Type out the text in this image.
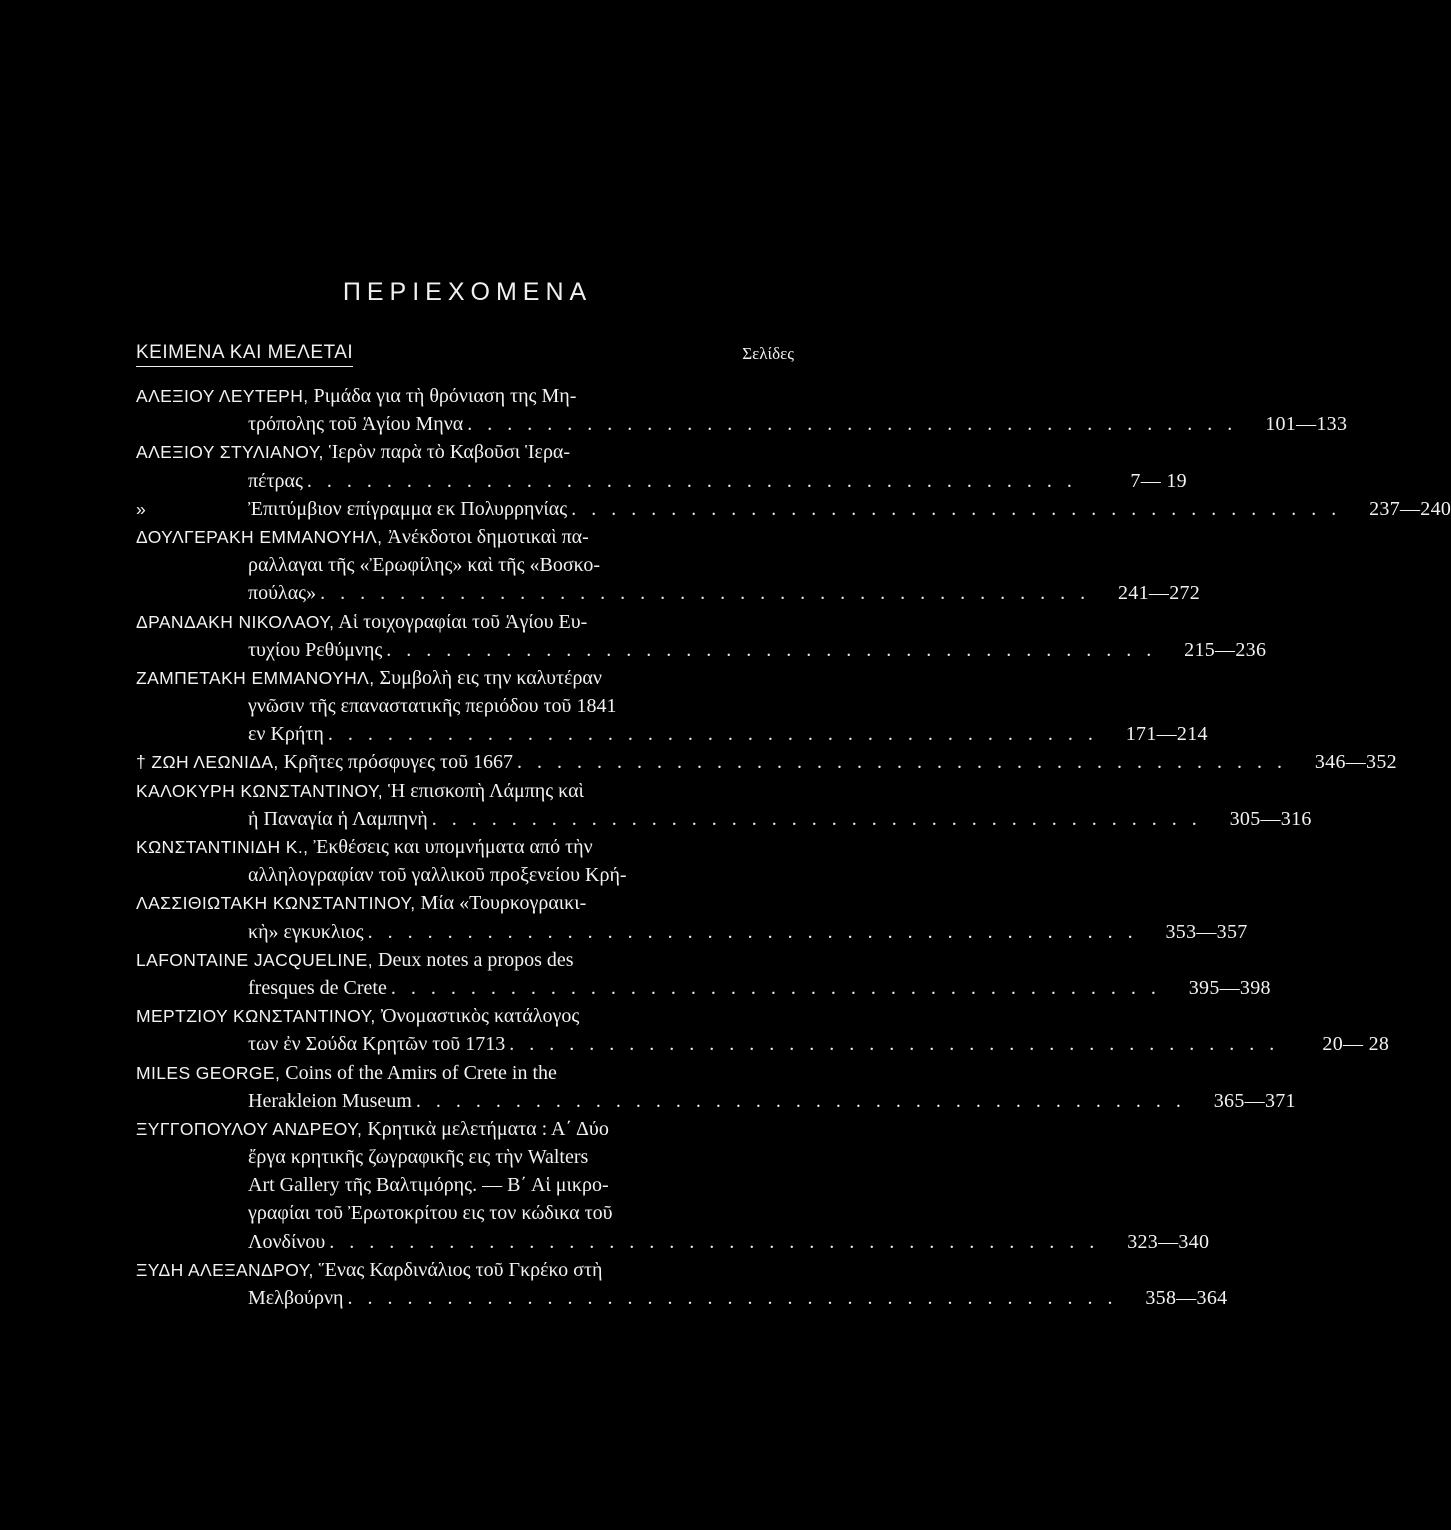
ΠΕΡΙΕΧΟΜΕΝΑ
ΚΕΙΜΕΝΑ ΚΑΙ ΜΕΛΕΤΑΙ	Σελίδες
ΑΛΕΞΙΟΥ ΛΕΥΤΕΡΗ, Ριμάδα για τὴ θρόνιαση της Μη-
τρόπολης τοῦ Ἁγίου Μηνα . . . . . . . . . . . . . . . . . . . . . . . . . . . . . . . . . . . . . . .	101—133
ΑΛΕΞΙΟΥ ΣΤΥΛΙΑΝΟΥ, Ἱερὸν παρὰ τὸ Καβοῦσι Ἱερα-
πέτρας . . . . . . . . . . . . . . . . . . . . . . . . . . . . . . . . . . . . . . .	7— 19
»	Ἐπιτύμβιον επίγραμμα εκ Πολυρρηνίας . . . . . . . . . . . . . . . . . . . . . . . . . . . . . . . . . . . . . . .	237—240
ΔΟΥΛΓΕΡΑΚΗ ΕΜΜΑΝΟΥΗΛ, Ἀνέκδοτοι δημοτικαὶ πα-
ραλλαγαι τῆς «Ἐρωφίλης» καὶ τῆς «Βοσκο-
πούλας» . . . . . . . . . . . . . . . . . . . . . . . . . . . . . . . . . . . . . . .	241—272
ΔΡΑΝΔΑΚΗ ΝΙΚΟΛΑΟΥ, Αἱ τοιχογραφίαι τοῦ Ἁγίου Ευ-
τυχίου Ρεθύμνης . . . . . . . . . . . . . . . . . . . . . . . . . . . . . . . . . . . . . . .	215—236
ΖΑΜΠΕΤΑΚΗ ΕΜΜΑΝΟΥΗΛ, Συμβολὴ εις την καλυτέραν
γνῶσιν τῆς επαναστατικῆς περιόδου τοῦ 1841
εν Κρήτη . . . . . . . . . . . . . . . . . . . . . . . . . . . . . . . . . . . . . . .	171—214
† ΖΩΗ ΛΕΩΝΙΔΑ, Κρῆτες πρόσφυγες τοῦ 1667 . . . . . . . . . . . . . . . . . . . . . . . . . . . . . . . . . . . . . . .	346—352
ΚΑΛΟΚΥΡΗ ΚΩΝΣΤΑΝΤΙΝΟΥ, Ἡ επισκοπὴ Λάμπης καὶ
ἡ Παναγία ἡ Λαμπηνὴ . . . . . . . . . . . . . . . . . . . . . . . . . . . . . . . . . . . . . . .	305—316
ΚΩΝΣΤΑΝΤΙΝΙΔΗ Κ., Ἐκθέσεις και υπομνήματα από τὴν
αλληλογραφίαν τοῦ γαλλικοῦ προξενείου Κρή-
ΛΑΣΣΙΘΙΩΤΑΚΗ ΚΩΝΣΤΑΝΤΙΝΟΥ, Μία «Τουρκογραικι-
κὴ» εγκυκλιος . . . . . . . . . . . . . . . . . . . . . . . . . . . . . . . . . . . . . . .	353—357
LAFONTAINE JACQUELINE, Deux notes a propos des
fresques de Crete . . . . . . . . . . . . . . . . . . . . . . . . . . . . . . . . . . . . . . .	395—398
ΜΕΡΤΖΙΟΥ ΚΩΝΣΤΑΝΤΙΝΟΥ, Ὀνομαστικὸς κατάλογος
των ἐν Σούδα Κρητῶν τοῦ 1713 . . . . . . . . . . . . . . . . . . . . . . . . . . . . . . . . . . . . . . .	20— 28
MILES GEORGE, Coins of the Amirs of Crete in the
Herakleion Museum . . . . . . . . . . . . . . . . . . . . . . . . . . . . . . . . . . . . . . .	365—371
ΞΥΓΓΟΠΟΥΛΟΥ ΑΝΔΡΕΟΥ, Κρητικὰ μελετήματα : Α΄ Δύο
ἔργα κρητικῆς ζωγραφικῆς εις τὴν Walters
Art Gallery τῆς Βαλτιμόρης. — Β΄ Αἱ μικρο-
γραφίαι τοῦ Ἐρωτοκρίτου εις τον κώδικα τοῦ
Λονδίνου . . . . . . . . . . . . . . . . . . . . . . . . . . . . . . . . . . . . . . .	323—340
ΞΥΔΗ ΑΛΕΞΑΝΔΡΟΥ, Ἕνας Καρδινάλιος τοῦ Γκρέκο στὴ
Μελβούρνη . . . . . . . . . . . . . . . . . . . . . . . . . . . . . . . . . . . . . . .	358—364
